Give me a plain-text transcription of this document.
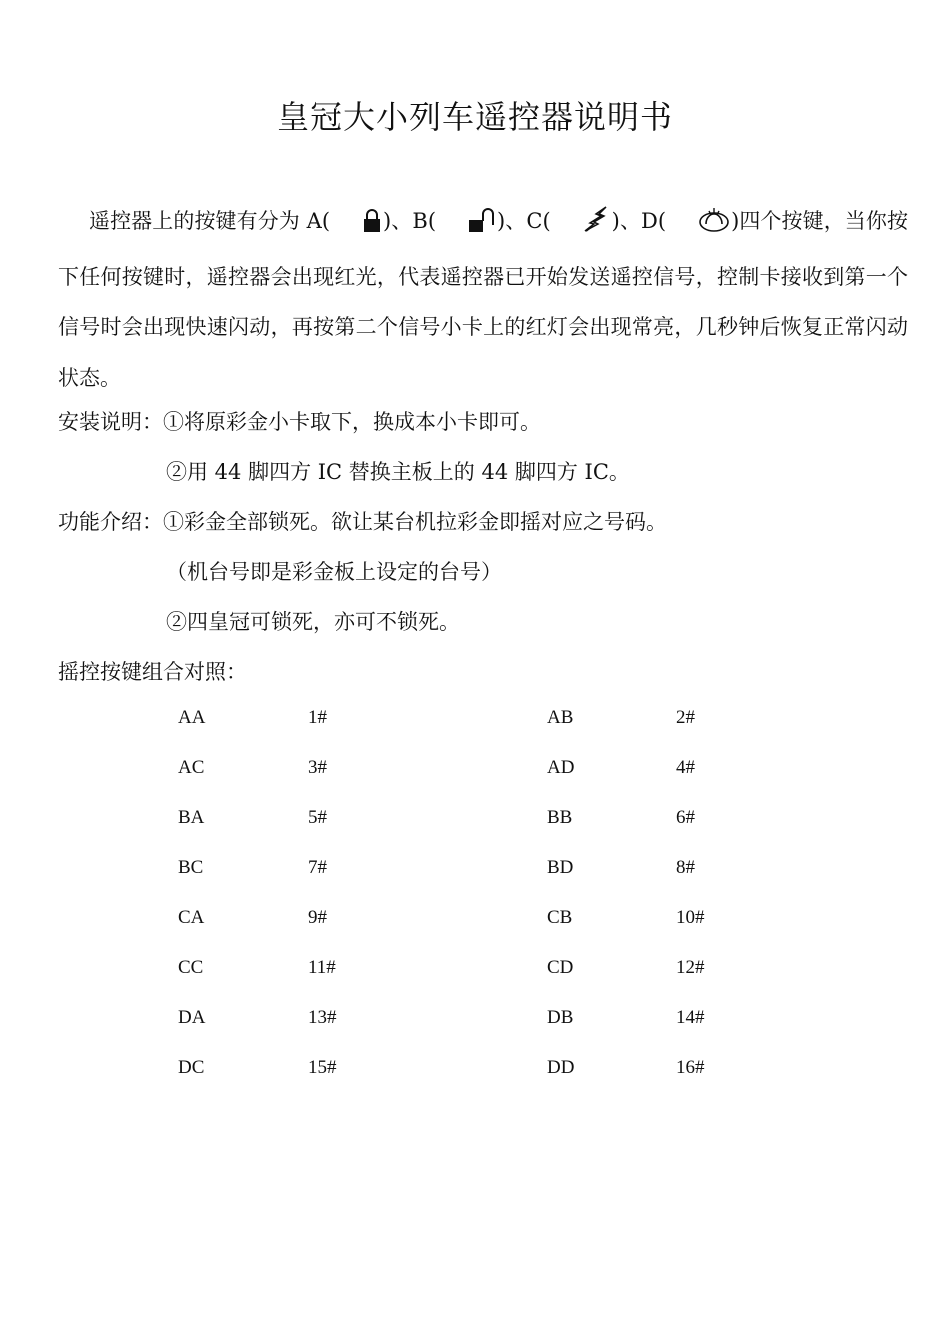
皇冠大小列车遥控器说明书
遥控器上的按键有分为 A(	)、B(	)、C(	)、D(	)四个按键，当你按下任何按键时，遥控器会出现红光，代表遥控器已开始发送遥控信号，控制卡接收到第一个信号时会出现快速闪动，再按第二个信号小卡上的红灯会出现常亮，几秒钟后恢复正常闪动状态。
安装说明：①将原彩金小卡取下，换成本小卡即可。
②用 44 脚四方 IC 替换主板上的 44 脚四方 IC。
功能介绍：①彩金全部锁死。欲让某台机拉彩金即摇对应之号码。
（机台号即是彩金板上设定的台号）
②四皇冠可锁死，亦可不锁死。
摇控按键组合对照：
AA	1#	AB	2#
AC	3#	AD	4#
BA	5#	BB	6#
BC	7#	BD	8#
CA	9#	CB	10#
CC	11#	CD	12#
DA	13#	DB	14#
DC	15#	DD	16#
